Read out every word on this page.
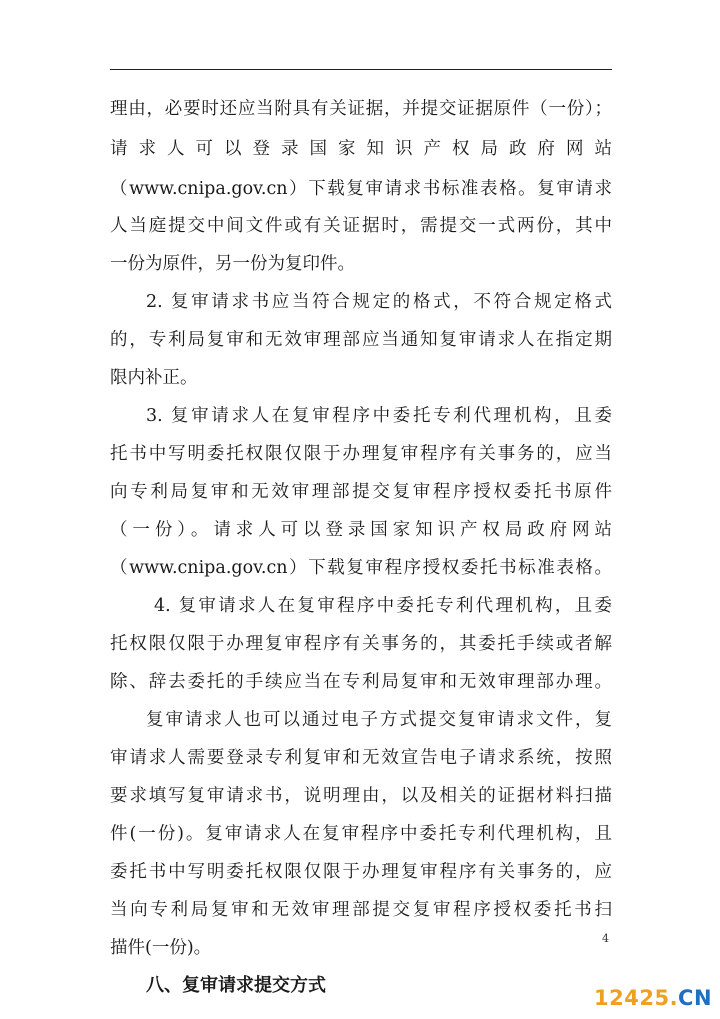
理由，必要时还应当附具有关证据，并提交证据原件（一份）；
请求人可以登录国家知识产权局政府网站
（www.cnipa.gov.cn）下载复审请求书标准表格。复审请求
人当庭提交中间文件或有关证据时，需提交一式两份，其中
一份为原件，另一份为复印件。
2. 复审请求书应当符合规定的格式，不符合规定格式
的，专利局复审和无效审理部应当通知复审请求人在指定期
限内补正。
3. 复审请求人在复审程序中委托专利代理机构，且委
托书中写明委托权限仅限于办理复审程序有关事务的，应当
向专利局复审和无效审理部提交复审程序授权委托书原件
（一份）。请求人可以登录国家知识产权局政府网站
（www.cnipa.gov.cn）下载复审程序授权委托书标准表格。
4. 复审请求人在复审程序中委托专利代理机构，且委
托权限仅限于办理复审程序有关事务的，其委托手续或者解
除、辞去委托的手续应当在专利局复审和无效审理部办理。
复审请求人也可以通过电子方式提交复审请求文件，复
审请求人需要登录专利复审和无效宣告电子请求系统，按照
要求填写复审请求书，说明理由，以及相关的证据材料扫描
件(一份)。复审请求人在复审程序中委托专利代理机构，且
委托书中写明委托权限仅限于办理复审程序有关事务的，应
当向专利局复审和无效审理部提交复审程序授权委托书扫
描件(一份)。
八、复审请求提交方式
4
12425.CN
